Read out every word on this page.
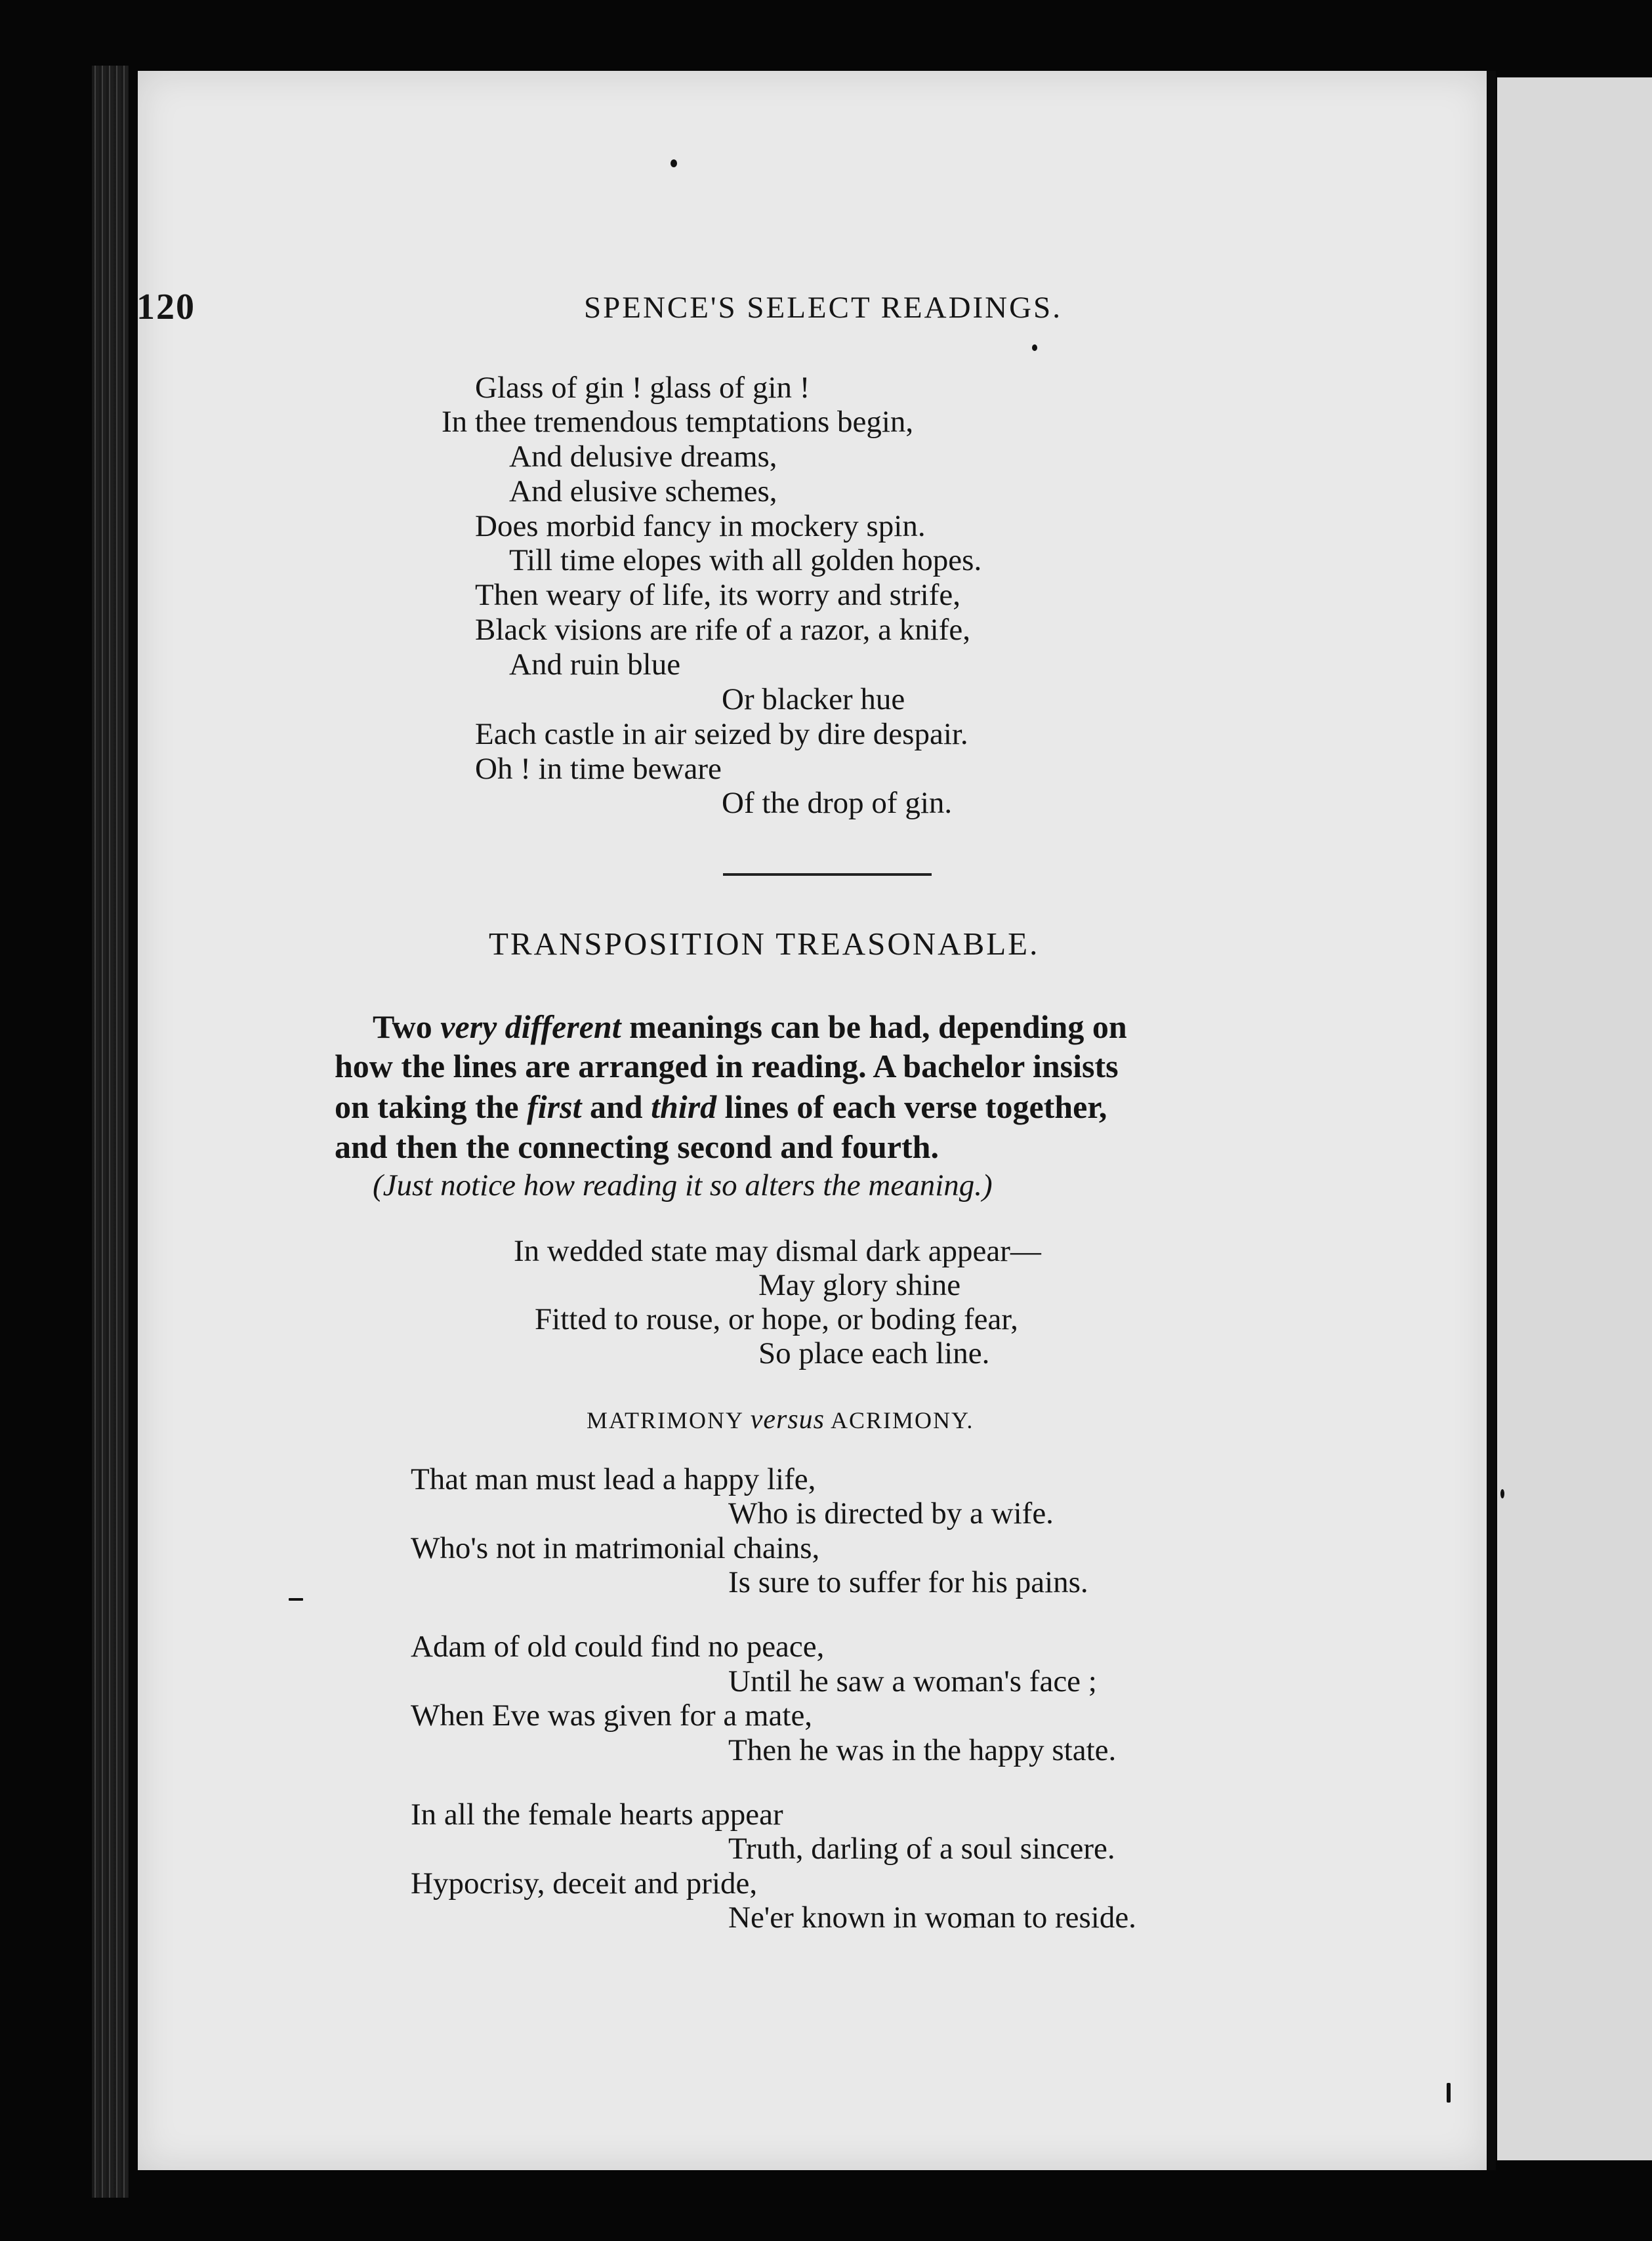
120	SPENCE'S SELECT READINGS.
Glass of gin ! glass of gin !
In thee tremendous temptations begin,
And delusive dreams,
And elusive schemes,
Does morbid fancy in mockery spin.
Till time elopes with all golden hopes.
Then weary of life, its worry and strife,
Black visions are rife of a razor, a knife,
And ruin blue
Or blacker hue
Each castle in air seized by dire despair.
Oh ! in time beware
Of the drop of gin.
TRANSPOSITION TREASONABLE.
Two very different meanings can be had, depending on
how the lines are arranged in reading. A bachelor insists
on taking the first and third lines of each verse together,
and then the connecting second and fourth.
(Just notice how reading it so alters the meaning.)
In wedded state may dismal dark appear—
May glory shine
Fitted to rouse, or hope, or boding fear,
So place each line.
MATRIMONY versus ACRIMONY.
That man must lead a happy life,
Who is directed by a wife.
Who's not in matrimonial chains,
Is sure to suffer for his pains.
Adam of old could find no peace,
Until he saw a woman's face ;
When Eve was given for a mate,
Then he was in the happy state.
In all the female hearts appear
Truth, darling of a soul sincere.
Hypocrisy, deceit and pride,
Ne'er known in woman to reside.
